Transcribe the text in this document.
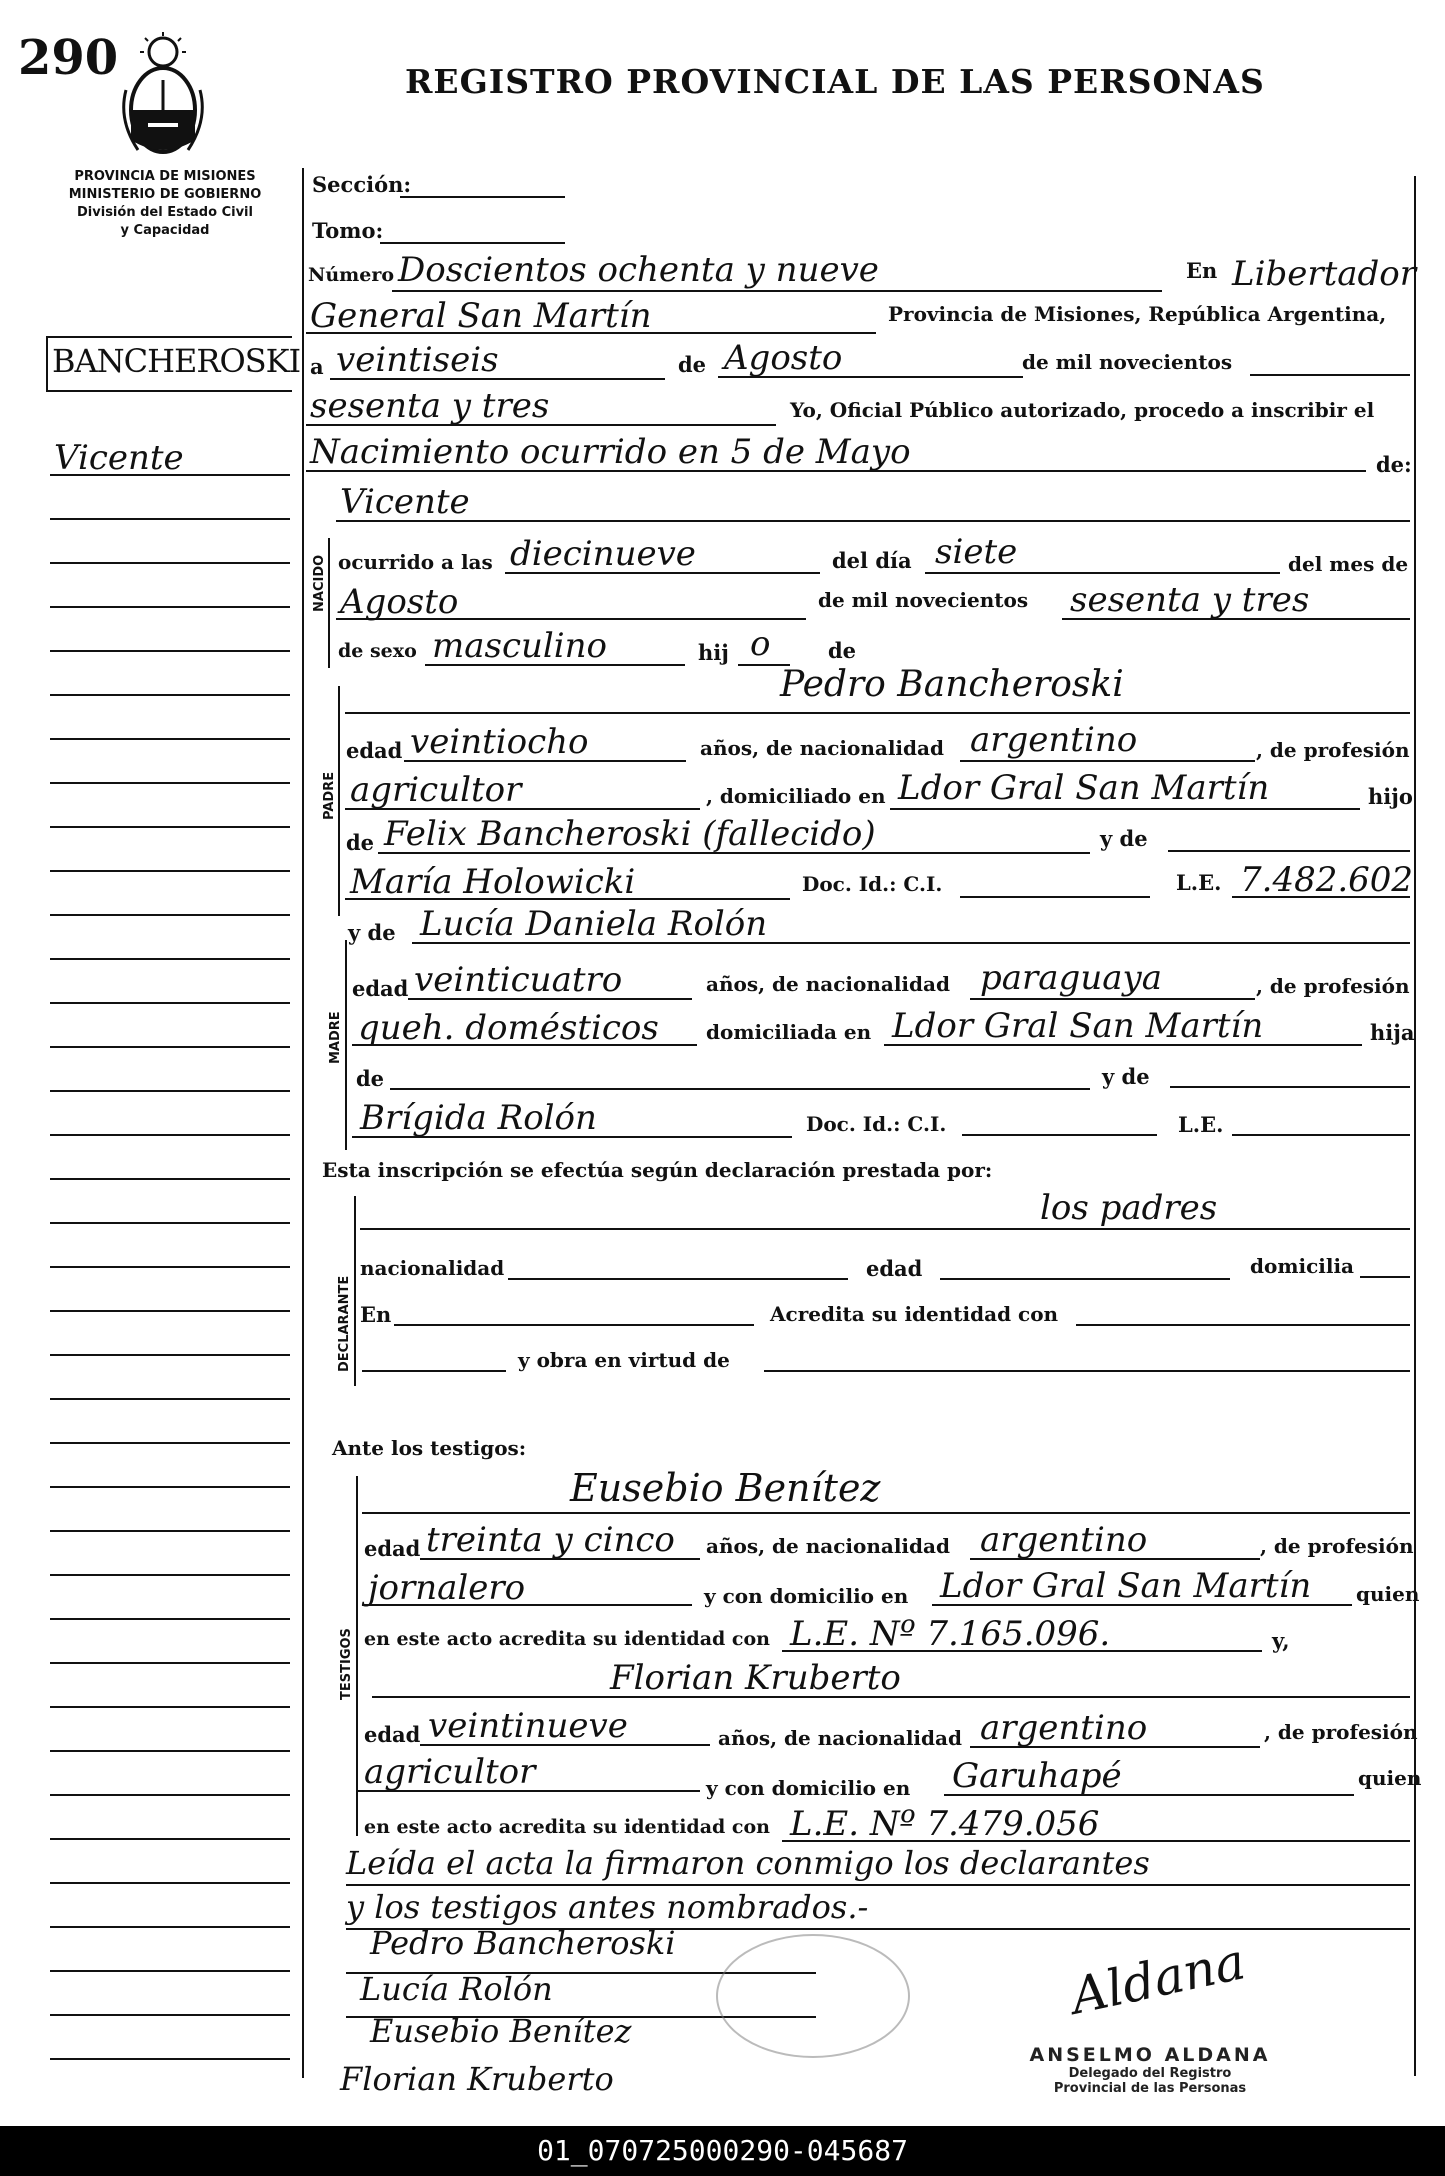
290	REGISTRO PROVINCIAL DE LAS PERSONAS
PROVINCIA DE MISIONES
MINISTERIO DE GOBIERNO
División del Estado Civil
y Capacidad
BANCHEROSKI
Vicente
Sección:
Tomo:
Número Doscientos ochenta y nueve	En Libertador
General San Martín	Provincia de Misiones, República Argentina,
a veintiseis	de Agosto	de mil novecientos
sesenta y tres	Yo, Oficial Público autorizado, procedo a inscribir el
Nacimiento ocurrido en 5 de Mayo	de:
NACIDO
Vicente
ocurrido a las diecinueve	del día siete	del mes de
Agosto	de mil novecientos sesenta y tres
de sexo masculino	hij o	de
PADRE
Pedro Bancheroski
edad veintiocho	años, de nacionalidad argentino	, de profesión
agricultor	, domiciliado en Ldor Gral San Martín	hijo
de Felix Bancheroski (fallecido)	y de
María Holowicki	Doc. Id.: C.I.	L.E. 7.482.602
MADRE
y de Lucía Daniela Rolón
edad veinticuatro	años, de nacionalidad paraguaya	, de profesión
queh. domésticos domiciliada en Ldor Gral San Martín	hija
de	y de
Brígida Rolón	Doc. Id.: C.I.	L.E.
Esta inscripción se efectúa según declaración prestada por:
DECLARANTE
los padres
nacionalidad	edad	domicilia
En	Acredita su identidad con
y obra en virtud de
Ante los testigos:
TESTIGOS
Eusebio Benítez
edad treinta y cinco años, de nacionalidad argentino	, de profesión
jornalero	y con domicilio en Ldor Gral San Martín quien
en este acto acredita su identidad con L.E. Nº 7.165.096.	y,
Florian Kruberto
edad veintinueve	años, de nacionalidad argentino	, de profesión
agricultor	y con domicilio en Garuhapé	quien
en este acto acredita su identidad con L.E. Nº 7.479.056
Leída el acta la firmaron conmigo los declarantes
y los testigos antes nombrados.-
Pedro Bancheroski
Lucía Rolón
Eusebio Benítez
Florian Kruberto
Aldana
ANSELMO ALDANA
Delegado del Registro
Provincial de las Personas
01_070725000290-045687
